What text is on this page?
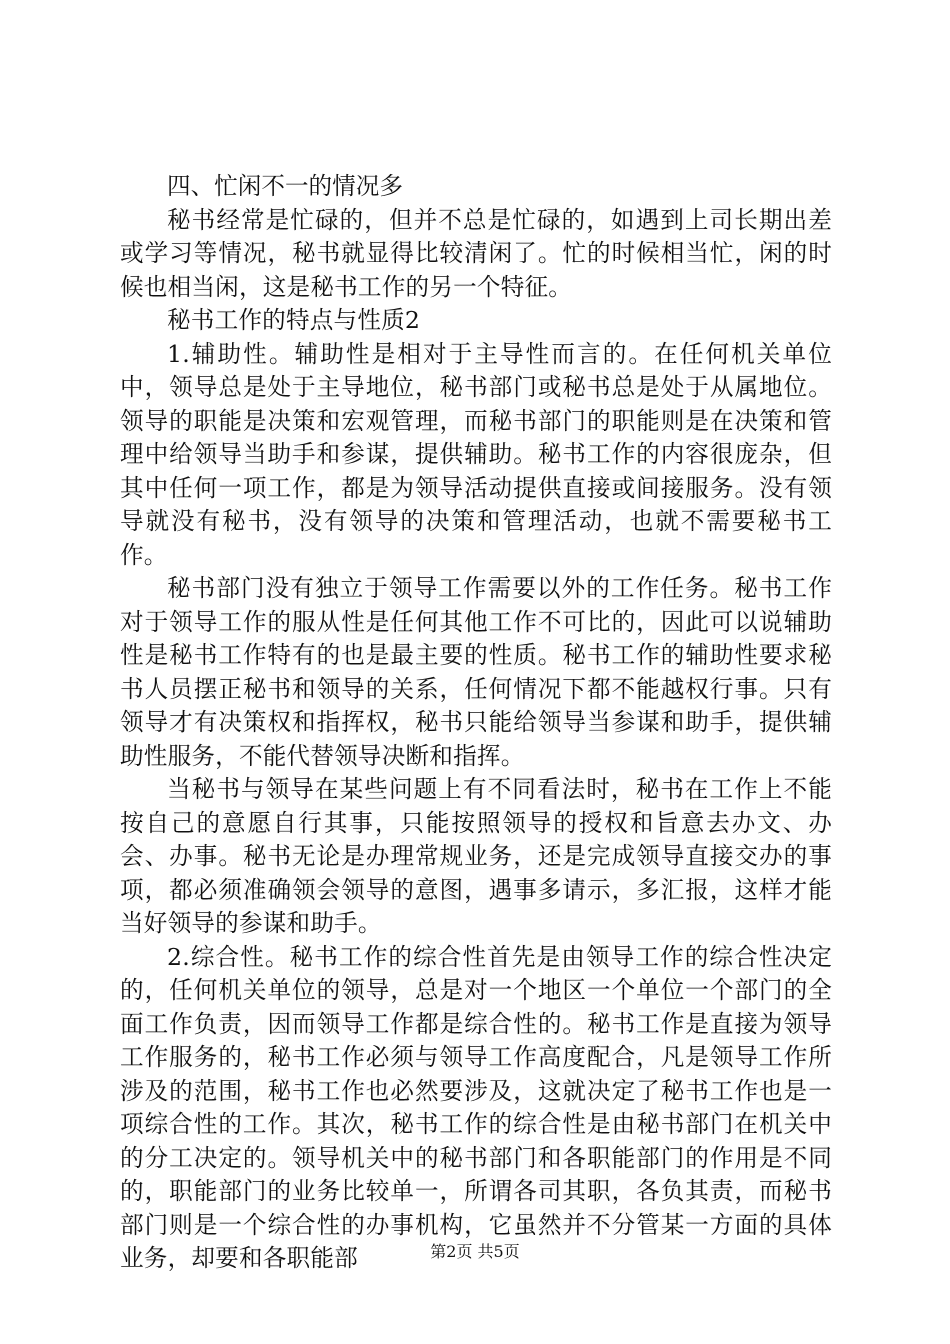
四、忙闲不一的情况多

秘书经常是忙碌的，但并不总是忙碌的，如遇到上司长期出差或学习等情况，秘书就显得比较清闲了。忙的时候相当忙，闲的时候也相当闲，这是秘书工作的另一个特征。

秘书工作的特点与性质2

1.辅助性。辅助性是相对于主导性而言的。在任何机关单位中，领导总是处于主导地位，秘书部门或秘书总是处于从属地位。领导的职能是决策和宏观管理，而秘书部门的职能则是在决策和管理中给领导当助手和参谋，提供辅助。秘书工作的内容很庞杂，但其中任何一项工作，都是为领导活动提供直接或间接服务。没有领导就没有秘书，没有领导的决策和管理活动，也就不需要秘书工作。

秘书部门没有独立于领导工作需要以外的工作任务。秘书工作对于领导工作的服从性是任何其他工作不可比的，因此可以说辅助性是秘书工作特有的也是最主要的性质。秘书工作的辅助性要求秘书人员摆正秘书和领导的关系，任何情况下都不能越权行事。只有领导才有决策权和指挥权，秘书只能给领导当参谋和助手，提供辅助性服务，不能代替领导决断和指挥。

当秘书与领导在某些问题上有不同看法时，秘书在工作上不能按自己的意愿自行其事，只能按照领导的授权和旨意去办文、办会、办事。秘书无论是办理常规业务，还是完成领导直接交办的事项，都必须准确领会领导的意图，遇事多请示，多汇报，这样才能当好领导的参谋和助手。

2.综合性。秘书工作的综合性首先是由领导工作的综合性决定的，任何机关单位的领导，总是对一个地区一个单位一个部门的全面工作负责，因而领导工作都是综合性的。秘书工作是直接为领导工作服务的，秘书工作必须与领导工作高度配合，凡是领导工作所涉及的范围，秘书工作也必然要涉及，这就决定了秘书工作也是一项综合性的工作。其次，秘书工作的综合性是由秘书部门在机关中的分工决定的。领导机关中的秘书部门和各职能部门的作用是不同的，职能部门的业务比较单一，所谓各司其职，各负其责，而秘书部门则是一个综合性的办事机构，它虽然并不分管某一方面的具体业务，却要和各职能部	第2页 共5页
